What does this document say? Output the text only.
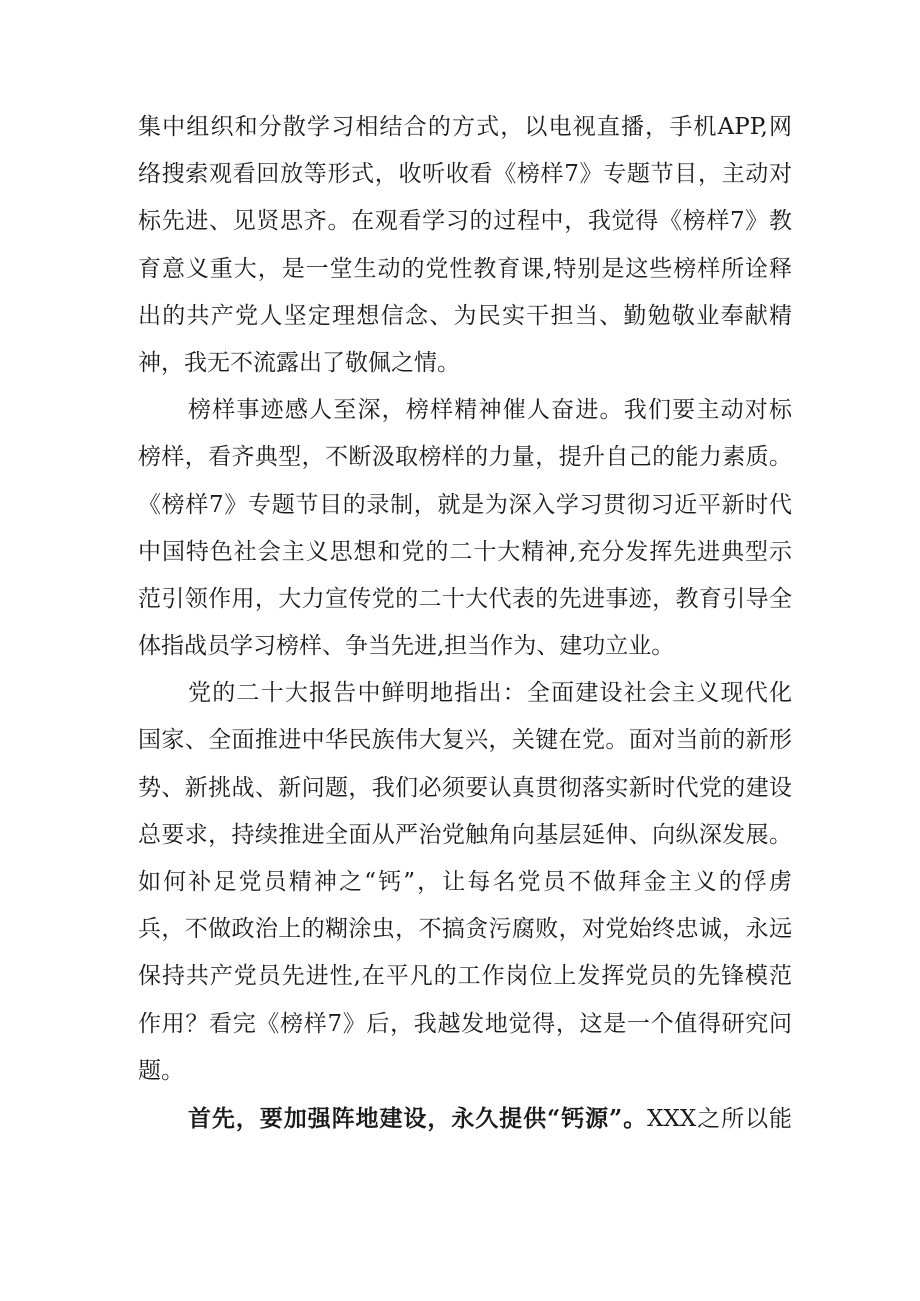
集中组织和分散学习相结合的方式，以电视直播，手机APP,网
络搜索观看回放等形式，收听收看《榜样7》专题节目，主动对
标先进、见贤思齐。在观看学习的过程中，我觉得《榜样7》教
育意义重大，是一堂生动的党性教育课,特别是这些榜样所诠释
出的共产党人坚定理想信念、为民实干担当、勤勉敬业奉献精
神，我无不流露出了敬佩之情。
榜样事迹感人至深，榜样精神催人奋进。我们要主动对标
榜样，看齐典型，不断汲取榜样的力量，提升自己的能力素质。
《榜样7》专题节目的录制，就是为深入学习贯彻习近平新时代
中国特色社会主义思想和党的二十大精神,充分发挥先进典型示
范引领作用，大力宣传党的二十大代表的先进事迹，教育引导全
体指战员学习榜样、争当先进,担当作为、建功立业。
党的二十大报告中鲜明地指出：全面建设社会主义现代化
国家、全面推进中华民族伟大复兴，关键在党。面对当前的新形
势、新挑战、新问题，我们必须要认真贯彻落实新时代党的建设
总要求，持续推进全面从严治党触角向基层延伸、向纵深发展。
如何补足党员精神之“钙”，让每名党员不做拜金主义的俘虏
兵，不做政治上的糊涂虫，不搞贪污腐败，对党始终忠诚，永远
保持共产党员先进性,在平凡的工作岗位上发挥党员的先锋模范
作用？看完《榜样7》后，我越发地觉得，这是一个值得研究问
题。
首先，要加强阵地建设，永久提供“钙源”。XXX之所以能
